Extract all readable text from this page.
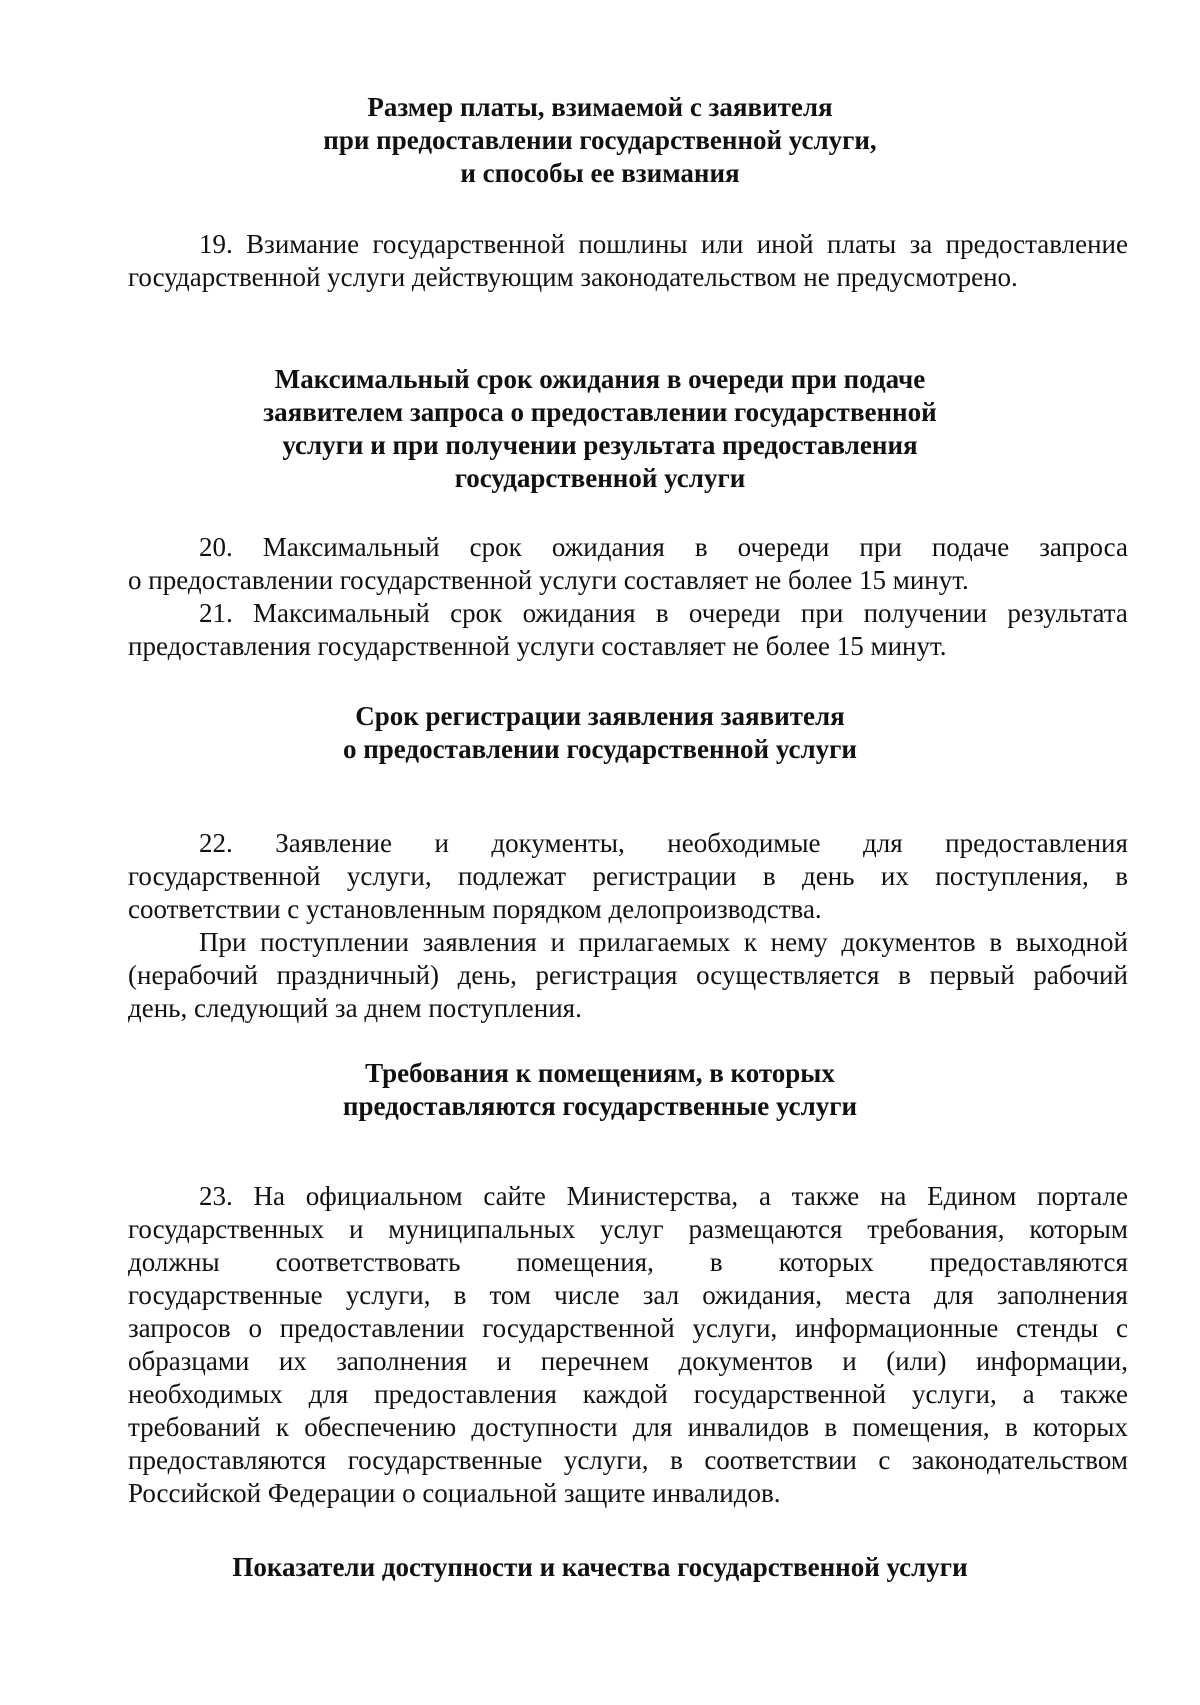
Размер платы, взимаемой с заявителя
при предоставлении государственной услуги,
и способы ее взимания
19. Взимание государственной пошлины или иной платы за предоставление
государственной услуги действующим законодательством не предусмотрено.
Максимальный срок ожидания в очереди при подаче
заявителем запроса о предоставлении государственной
услуги и при получении результата предоставления
государственной услуги
20. Максимальный срок ожидания в очереди при подаче запроса
о предоставлении государственной услуги составляет не более 15 минут.
21. Максимальный срок ожидания в очереди при получении результата
предоставления государственной услуги составляет не более 15 минут.
Срок регистрации заявления заявителя
о предоставлении государственной услуги
22. Заявление и документы, необходимые для предоставления
государственной услуги, подлежат регистрации в день их поступления, в
соответствии с установленным порядком делопроизводства.
При поступлении заявления и прилагаемых к нему документов в выходной
(нерабочий праздничный) день, регистрация осуществляется в первый рабочий
день, следующий за днем поступления.
Требования к помещениям, в которых
предоставляются государственные услуги
23. На официальном сайте Министерства, а также на Едином портале
государственных и муниципальных услуг размещаются требования, которым
должны соответствовать помещения, в которых предоставляются
государственные услуги, в том числе зал ожидания, места для заполнения
запросов о предоставлении государственной услуги, информационные стенды с
образцами их заполнения и перечнем документов и (или) информации,
необходимых для предоставления каждой государственной услуги, а также
требований к обеспечению доступности для инвалидов в помещения, в которых
предоставляются государственные услуги, в соответствии с законодательством
Российской Федерации о социальной защите инвалидов.
Показатели доступности и качества государственной услуги
